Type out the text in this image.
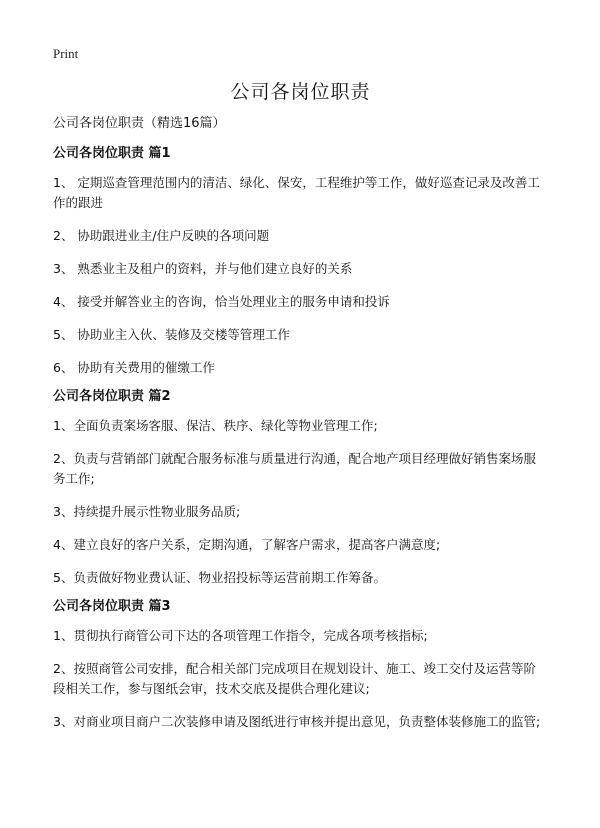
Print
公司各岗位职责
公司各岗位职责（精选16篇）
公司各岗位职责 篇1
1、 定期巡查管理范围内的清洁、绿化、保安，工程维护等工作，做好巡查记录及改善工作的跟进
2、 协助跟进业主/住户反映的各项问题
3、 熟悉业主及租户的资料，并与他们建立良好的关系
4、 接受并解答业主的咨询，恰当处理业主的服务申请和投诉
5、 协助业主入伙、装修及交楼等管理工作
6、 协助有关费用的催缴工作
公司各岗位职责 篇2
1、全面负责案场客服、保洁、秩序、绿化等物业管理工作;
2、负责与营销部门就配合服务标准与质量进行沟通，配合地产项目经理做好销售案场服务工作;
3、持续提升展示性物业服务品质;
4、建立良好的客户关系，定期沟通，了解客户需求，提高客户满意度;
5、负责做好物业费认证、物业招投标等运营前期工作筹备。
公司各岗位职责 篇3
1、贯彻执行商管公司下达的各项管理工作指令，完成各项考核指标;
2、按照商管公司安排，配合相关部门完成项目在规划设计、施工、竣工交付及运营等阶段相关工作，参与图纸会审，技术交底及提供合理化建议;
3、对商业项目商户二次装修申请及图纸进行审核并提出意见，负责整体装修施工的监管;
